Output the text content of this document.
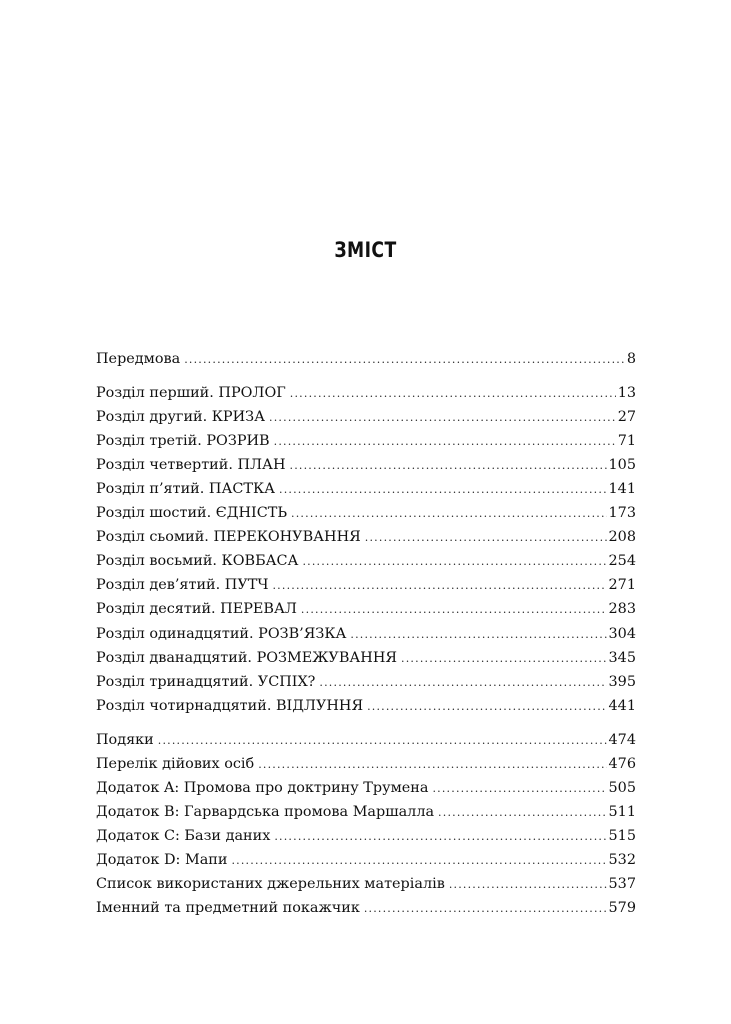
ЗМІСТ
Передмова .....	8
Розділ перший. ПРОЛОГ .....	13
Розділ другий. КРИЗА .....	27
Розділ третій. РОЗРИВ .....	71
Розділ четвертий. ПЛАН .....	105
Розділ п’ятий. ПАСТКА .....	141
Розділ шостий. ЄДНІСТЬ .....	173
Розділ сьомий. ПЕРЕКОНУВАННЯ .....	208
Розділ восьмий. КОВБАСА .....	254
Розділ дев’ятий. ПУТЧ .....	271
Розділ десятий. ПЕРЕВАЛ .....	283
Розділ одинадцятий. РОЗВ’ЯЗКА .....	304
Розділ дванадцятий. РОЗМЕЖУВАННЯ .....	345
Розділ тринадцятий. УСПІХ? .....	395
Розділ чотирнадцятий. ВІДЛУННЯ .....	441
Подяки .....	474
Перелік дійових осіб .....	476
Додаток A: Промова про доктрину Трумена .....	505
Додаток B: Гарвардська промова Маршалла .....	511
Додаток C: Бази даних .....	515
Додаток D: Мапи .....	532
Список використаних джерельних матеріалів .....	537
Іменний та предметний покажчик .....	579
